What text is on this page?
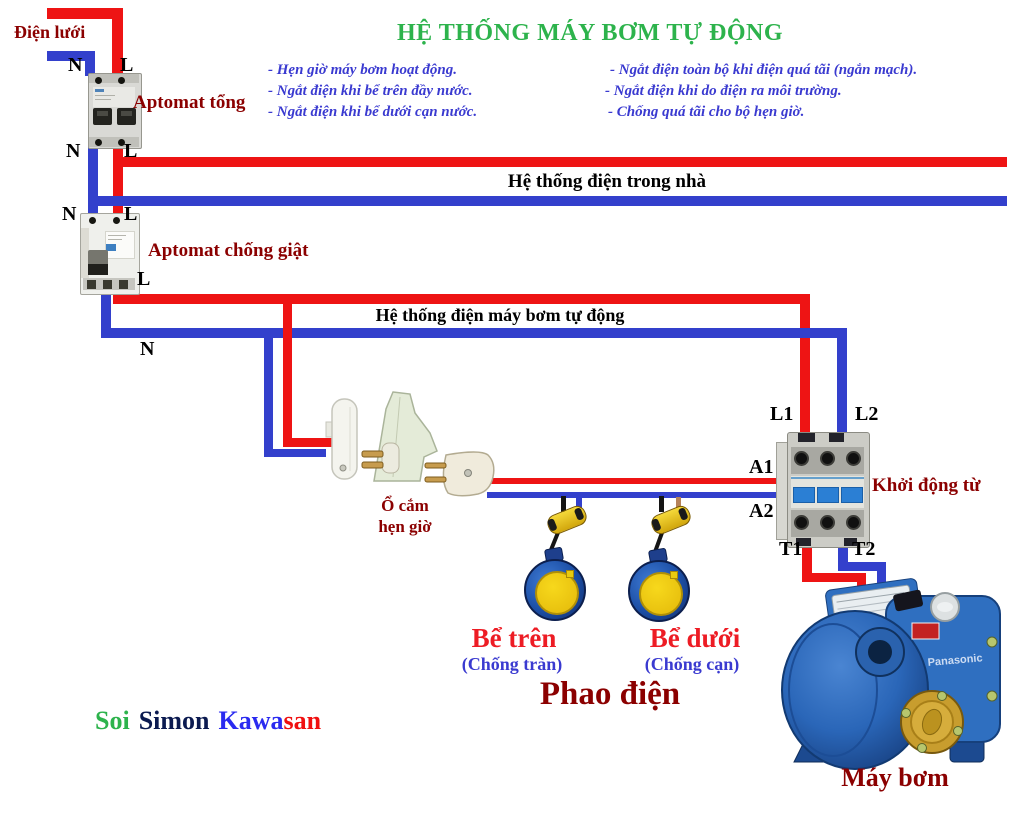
Panasonic
Điện lưới	HỆ THỐNG MÁY BƠM TỰ ĐỘNG
- Hẹn giờ máy bơm hoạt động.
- Ngắt điện khi bể trên đầy nước.
- Ngắt điện khi bể dưới cạn nước.
- Ngắt điện toàn bộ khi điện quá tãi (ngắn mạch).
- Ngắt điện khi do điện ra môi trường.
- Chống quá tãi cho bộ hẹn giờ.
N L
Aptomat tổng
N L
Hệ thống điện trong nhà
N L
Aptomat chống giật
L
Hệ thống điện máy bơm tự động
N
Ổ cắm
hẹn giờ
L1	L2
A1
A2
T1 T2
Khởi động từ
Bể trên
(Chống tràn)
Bể dưới
(Chống cạn)
Phao điện
Máy bơm
Soi Simon Kawasan
